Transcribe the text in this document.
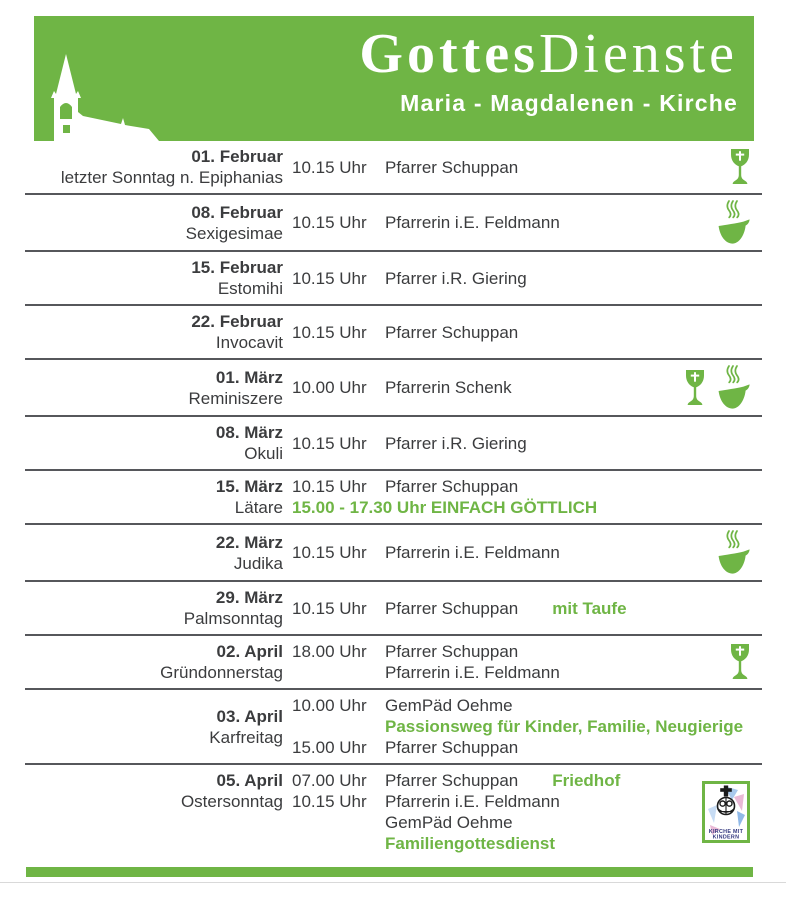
GottesDienste
Maria - Magdalenen - Kirche
01. Februar
letzter Sonntag n. Epiphanias
10.15 Uhr	Pfarrer Schuppan
08. Februar
Sexigesimae
10.15 Uhr	Pfarrerin i.E. Feldmann
15. Februar
Estomihi
10.15 Uhr	Pfarrer i.R. Giering
22. Februar
Invocavit
10.15 Uhr	Pfarrer Schuppan
01. März
Reminiszere
10.00 Uhr	Pfarrerin Schenk
08. März
Okuli
10.15 Uhr	Pfarrer i.R. Giering
15. März
Lätare
10.15 Uhr	Pfarrer Schuppan
15.00 - 17.30 Uhr EINFACH GÖTTLICH
22. März
Judika
10.15 Uhr	Pfarrerin i.E. Feldmann
29. März
Palmsonntag
10.15 Uhr	Pfarrer Schuppan mit Taufe
02. April
Gründonnerstag
18.00 Uhr	Pfarrer Schuppan
Pfarrerin i.E. Feldmann
03. April
Karfreitag
10.00 Uhr	GemPäd Oehme
Passionsweg für Kinder, Familie, Neugierige
15.00 Uhr	Pfarrer Schuppan
05. April
Ostersonntag
07.00 Uhr	Pfarrer Schuppan Friedhof
10.15 Uhr	Pfarrerin i.E. Feldmann
GemPäd Oehme
Familiengottesdienst
KIRCHE MIT
KINDERN
